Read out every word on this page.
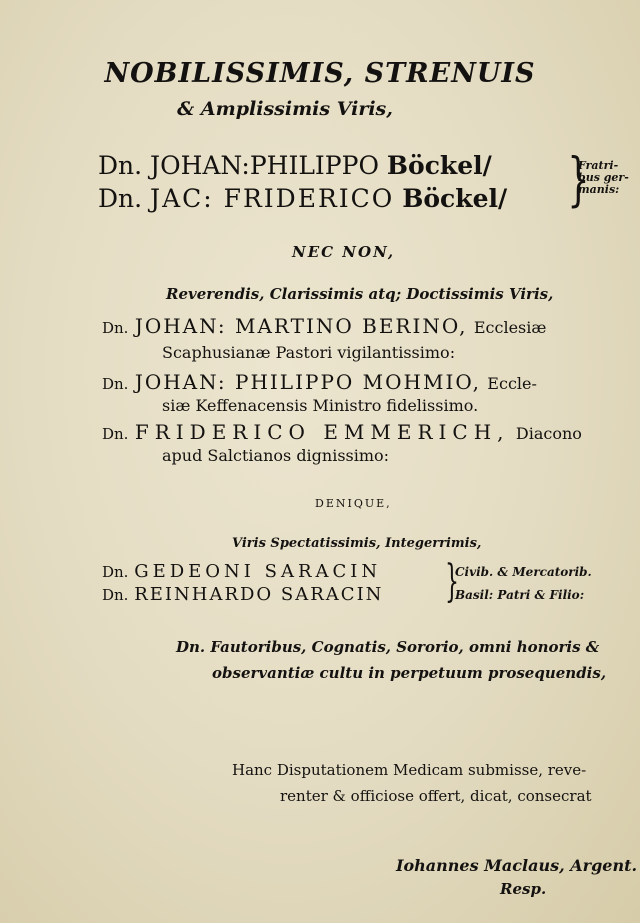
NOBILISSIMIS, STRENUIS
& Amplissimis Viris,
Dn. JOHAN:PHILIPPO Böckel/
Dn. JAC: FRIDERICO Böckel/ }
Fratri-
bus ger-
manis:
NEC NON,
Reverendis, Clarissimis atq; Doctissimis Viris,
Dn. JOHAN: MARTINO BERINO, Ecclesiæ
Scaphusianæ Pastori vigilantissimo:
Dn. JOHAN: PHILIPPO MOHMIO, Eccle-
siæ Keffenacensis Ministro fidelissimo.
Dn. FRIDERICO EMMERICH, Diacono
apud Salctianos dignissimo:
DENIQUE,
Viris Spectatissimis, Integerrimis,
Dn. GEDEONI SARACIN	Civib. & Mercatorib.
Dn. REINHARDO SARACIN	Basil: Patri & Filio:
}
Dn. Fautoribus, Cognatis, Sororio, omni honoris &
observantiæ cultu in perpetuum prosequendis,
Hanc Disputationem Medicam submisse, reve-
renter & officiose offert, dicat, consecrat
Iohannes Maclaus, Argent.
Resp.
